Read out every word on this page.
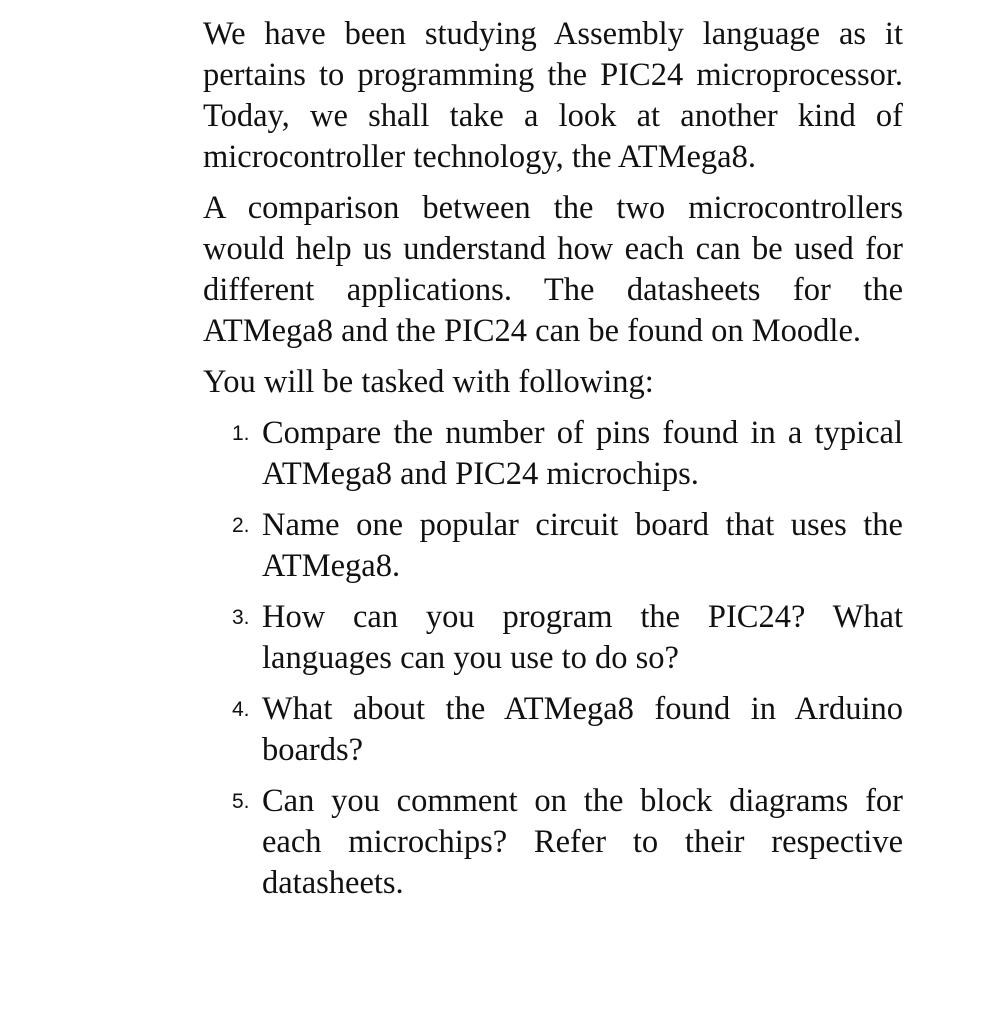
We have been studying Assembly language as it pertains to programming the PIC24 microprocessor. Today, we shall take a look at another kind of microcontroller technology, the ATMega8.

A comparison between the two microcontrollers would help us understand how each can be used for different applications. The datasheets for the ATMega8 and the PIC24 can be found on Moodle.

You will be tasked with following:

1. Compare the number of pins found in a typical ATMega8 and PIC24 microchips.
2. Name one popular circuit board that uses the ATMega8.
3. How can you program the PIC24? What languages can you use to do so?
4. What about the ATMega8 found in Arduino boards?
5. Can you comment on the block diagrams for each microchips? Refer to their respective datasheets.
